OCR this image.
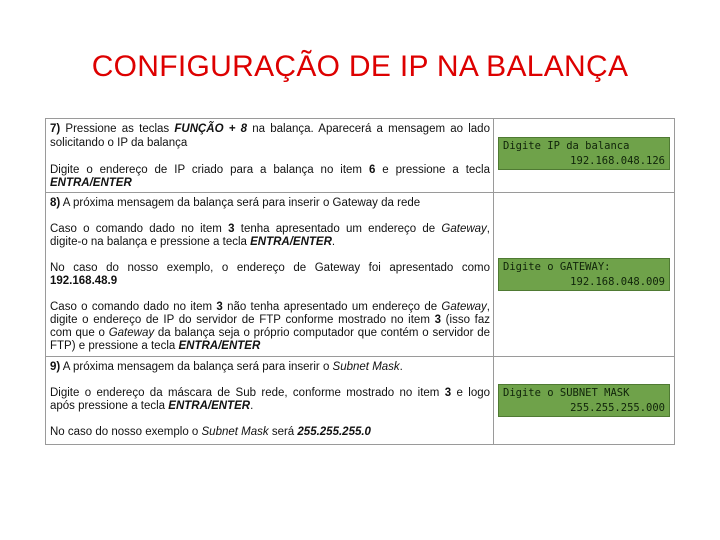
CONFIGURAÇÃO DE IP NA BALANÇA
7) Pressione as teclas FUNÇÃO + 8 na balança. Aparecerá a mensagem ao lado
solicitando o IP da balança
Digite o endereço de IP criado para a balança no item 6 e pressione a tecla
ENTRA/ENTER
8) A próxima mensagem da balança será para inserir o Gateway da rede
Caso o comando dado no item 3 tenha apresentado um endereço de Gateway,
digite-o na balança e pressione a tecla ENTRA/ENTER.
No caso do nosso exemplo, o endereço de Gateway foi apresentado como
192.168.48.9
Caso o comando dado no item 3 não tenha apresentado um endereço de Gateway,
digite o endereço de IP do servidor de FTP conforme mostrado no item 3 (isso faz
com que o Gateway da balança seja o próprio computador que contém o servidor de
FTP) e pressione a tecla ENTRA/ENTER
9) A próxima mensagem da balança será para inserir o Subnet Mask.
Digite o endereço da máscara de Sub rede, conforme mostrado no item 3 e logo
após pressione a tecla ENTRA/ENTER.
No caso do nosso exemplo o Subnet Mask será 255.255.255.0
Digite IP da balanca
192.168.048.126
Digite o GATEWAY:
192.168.048.009
Digite o SUBNET MASK
255.255.255.000
